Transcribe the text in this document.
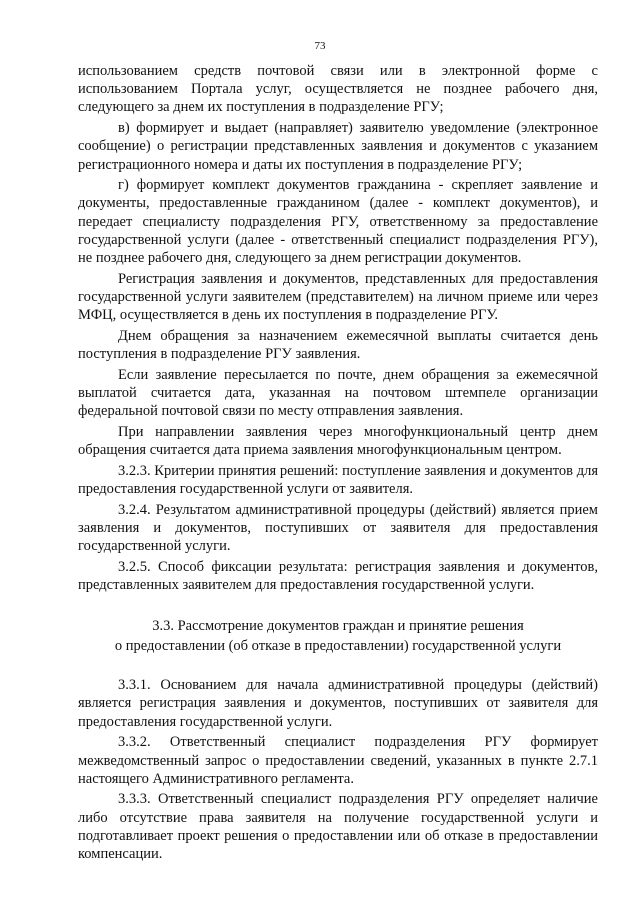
73

использованием средств почтовой связи или в электронной форме с использованием Портала услуг, осуществляется не позднее рабочего дня, следующего за днем их поступления в подразделение РГУ;

в) формирует и выдает (направляет) заявителю уведомление (электронное сообщение) о регистрации представленных заявления и документов с указанием регистрационного номера и даты их поступления в подразделение РГУ;

г) формирует комплект документов гражданина - скрепляет заявление и документы, предоставленные гражданином (далее - комплект документов), и передает специалисту подразделения РГУ, ответственному за предоставление государственной услуги (далее - ответственный специалист подразделения РГУ), не позднее рабочего дня, следующего за днем регистрации документов.

Регистрация заявления и документов, представленных для предоставления государственной услуги заявителем (представителем) на личном приеме или через МФЦ, осуществляется в день их поступления в подразделение РГУ.

Днем обращения за назначением ежемесячной выплаты считается день поступления в подразделение РГУ заявления.

Если заявление пересылается по почте, днем обращения за ежемесячной выплатой считается дата, указанная на почтовом штемпеле организации федеральной почтовой связи по месту отправления заявления.

При направлении заявления через многофункциональный центр днем обращения считается дата приема заявления многофункциональным центром.

3.2.3. Критерии принятия решений: поступление заявления и документов для предоставления государственной услуги от заявителя.

3.2.4. Результатом административной процедуры (действий) является прием заявления и документов, поступивших от заявителя для предоставления государственной услуги.

3.2.5. Способ фиксации результата: регистрация заявления и документов, представленных заявителем для предоставления государственной услуги.

3.3. Рассмотрение документов граждан и принятие решения
о предоставлении (об отказе в предоставлении) государственной услуги

3.3.1. Основанием для начала административной процедуры (действий) является регистрация заявления и документов, поступивших от заявителя для предоставления государственной услуги.

3.3.2. Ответственный специалист подразделения РГУ формирует межведомственный запрос о предоставлении сведений, указанных в пункте 2.7.1 настоящего Административного регламента.

3.3.3. Ответственный специалист подразделения РГУ определяет наличие либо отсутствие права заявителя на получение государственной услуги и подготавливает проект решения о предоставлении или об отказе в предоставлении компенсации.
